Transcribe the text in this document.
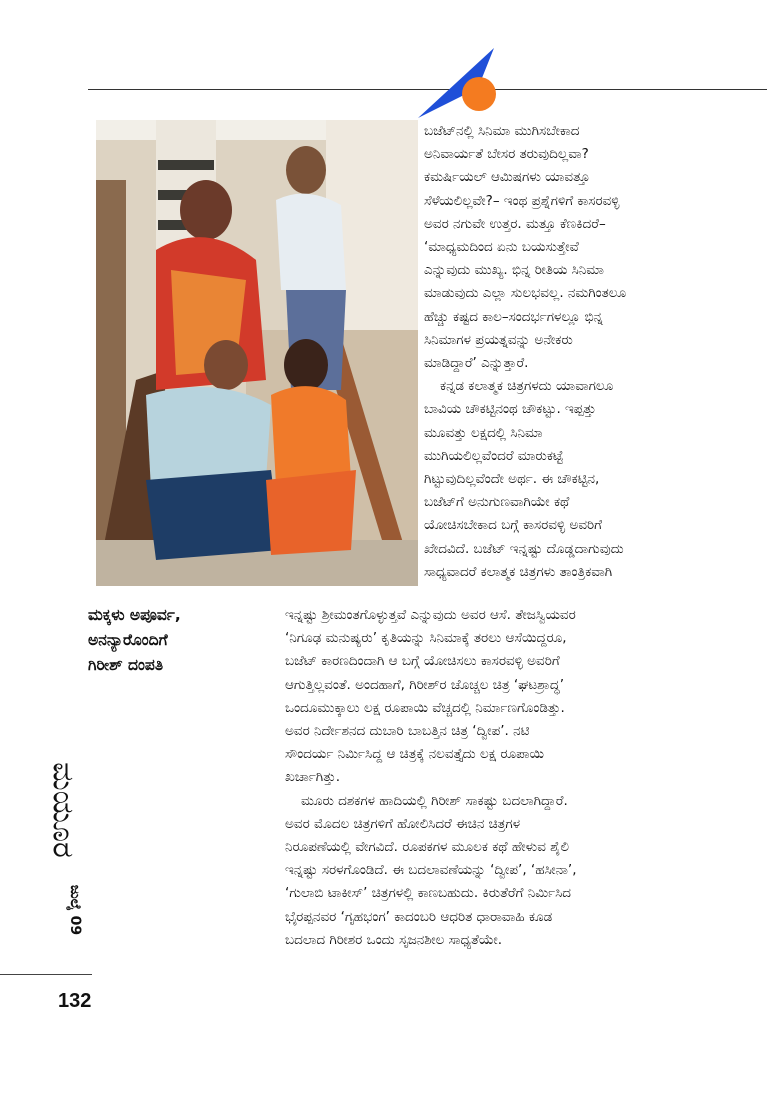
ಮಕ್ಕಳು ಅಪೂರ್ವ,
ಅನನ್ಯಾರೊಂದಿಗೆ
ಗಿರೀಶ್ ದಂಪತಿ
ಬಜೆಟ್‌ನಲ್ಲಿ ಸಿನಿಮಾ ಮುಗಿಸಬೇಕಾದ
ಅನಿವಾರ್ಯತೆ ಬೇಸರ ತರುವುದಿಲ್ಲವಾ?
ಕಮರ್ಷಿಯಲ್ ಆಮಿಷಗಳು ಯಾವತ್ತೂ
ಸೆಳೆಯಲಿಲ್ಲವೇ?– ಇಂಥ ಪ್ರಶ್ನೆಗಳಿಗೆ ಕಾಸರವಳ್ಳಿ
ಅವರ ನಗುವೇ ಉತ್ತರ. ಮತ್ತೂ ಕೆಣಕಿದರೆ–
‘ಮಾಧ್ಯಮದಿಂದ ಏನು ಬಯಸುತ್ತೇವೆ
ಎನ್ನುವುದು ಮುಖ್ಯ. ಭಿನ್ನ ರೀತಿಯ ಸಿನಿಮಾ
ಮಾಡುವುದು ಎಲ್ಲಾ ಸುಲಭವಲ್ಲ. ನಮಗಿಂತಲೂ
ಹೆಚ್ಚು ಕಷ್ಟದ ಕಾಲ–ಸಂದರ್ಭಗಳಲ್ಲೂ ಭಿನ್ನ
ಸಿನಿಮಾಗಳ ಪ್ರಯತ್ನವನ್ನು ಅನೇಕರು
ಮಾಡಿದ್ದಾರೆ’ ಎನ್ನುತ್ತಾರೆ.
ಕನ್ನಡ ಕಲಾತ್ಮಕ ಚಿತ್ರಗಳದು ಯಾವಾಗಲೂ
ಬಾವಿಯ ಚೌಕಟ್ಟಿನಂಥ ಚೌಕಟ್ಟು. ಇಪ್ಪತ್ತು
ಮೂವತ್ತು ಲಕ್ಷದಲ್ಲಿ ಸಿನಿಮಾ
ಮುಗಿಯಲಿಲ್ಲವೆಂದರೆ ಮಾರುಕಟ್ಟೆ
ಗಿಟ್ಟುವುದಿಲ್ಲವೆಂದೇ ಅರ್ಥ. ಈ ಚೌಕಟ್ಟಿನ,
ಬಜೆಟ್‌ಗೆ ಅನುಗುಣವಾಗಿಯೇ ಕಥೆ
ಯೋಚಿಸಬೇಕಾದ ಬಗ್ಗೆ ಕಾಸರವಳ್ಳಿ ಅವರಿಗೆ
ಖೇದವಿದೆ. ಬಜೆಟ್ ಇನ್ನಷ್ಟು ದೊಡ್ಡದಾಗುವುದು
ಸಾಧ್ಯವಾದರೆ ಕಲಾತ್ಮಕ ಚಿತ್ರಗಳು ತಾಂತ್ರಿಕವಾಗಿ
ಇನ್ನಷ್ಟು ಶ್ರೀಮಂತಗೊಳ್ಳುತ್ತವೆ ಎನ್ನುವುದು ಅವರ ಆಸೆ. ತೇಜಸ್ವಿಯವರ
‘ನಿಗೂಢ ಮನುಷ್ಯರು’ ಕೃತಿಯನ್ನು ಸಿನಿಮಾಕ್ಕೆ ತರಲು ಆಸೆಯಿದ್ದರೂ,
ಬಜೆಟ್ ಕಾರಣದಿಂದಾಗಿ ಆ ಬಗ್ಗೆ ಯೋಚಿಸಲು ಕಾಸರವಳ್ಳಿ ಅವರಿಗೆ
ಆಗುತ್ತಿಲ್ಲವಂತೆ. ಅಂದಹಾಗೆ, ಗಿರೀಶ್‌ರ ಚೊಚ್ಚಲ ಚಿತ್ರ ‘ಘಟಶ್ರಾದ್ಧ’
ಒಂದೂಮುಕ್ಕಾಲು ಲಕ್ಷ ರೂಪಾಯಿ ವೆಚ್ಚದಲ್ಲಿ ನಿರ್ಮಾಣಗೊಂಡಿತ್ತು.
ಅವರ ನಿರ್ದೇಶನದ ದುಬಾರಿ ಬಾಬತ್ತಿನ ಚಿತ್ರ ‘ದ್ವೀಪ’. ನಟಿ
ಸೌಂದರ್ಯ ನಿರ್ಮಿಸಿದ್ದ ಆ ಚಿತ್ರಕ್ಕೆ ನಲವತ್ತೈದು ಲಕ್ಷ ರೂಪಾಯಿ
ಖರ್ಚಾಗಿತ್ತು.
ಮೂರು ದಶಕಗಳ ಹಾದಿಯಲ್ಲಿ ಗಿರೀಶ್ ಸಾಕಷ್ಟು ಬದಲಾಗಿದ್ದಾರೆ.
ಅವರ ಮೊದಲ ಚಿತ್ರಗಳಿಗೆ ಹೋಲಿಸಿದರೆ ಈಚಿನ ಚಿತ್ರಗಳ
ನಿರೂಪಣೆಯಲ್ಲಿ ವೇಗವಿದೆ. ರೂಪಕಗಳ ಮೂಲಕ ಕಥೆ ಹೇಳುವ ಶೈಲಿ
ಇನ್ನಷ್ಟು ಸರಳಗೊಂಡಿದೆ. ಈ ಬದಲಾವಣೆಯನ್ನು ‘ದ್ವೀಪ’, ‘ಹಸೀನಾ’,
‘ಗುಲಾಬಿ ಟಾಕೀಸ್’ ಚಿತ್ರಗಳಲ್ಲಿ ಕಾಣಬಹುದು. ಕಿರುತೆರೆಗೆ ನಿರ್ಮಿಸಿದ
ಭೈರಪ್ಪನವರ ‘ಗೃಹಭಂಗ’ ಕಾದಂಬರಿ ಆಧರಿತ ಧಾರಾವಾಹಿ ಕೂಡ
ಬದಲಾದ ಗಿರೀಶರ ಒಂದು ಸೃಜನಶೀಲ ಸಾಧ್ಯತೆಯೇ.
ಮಯೂರ
ಜುಲೈ 09
132
